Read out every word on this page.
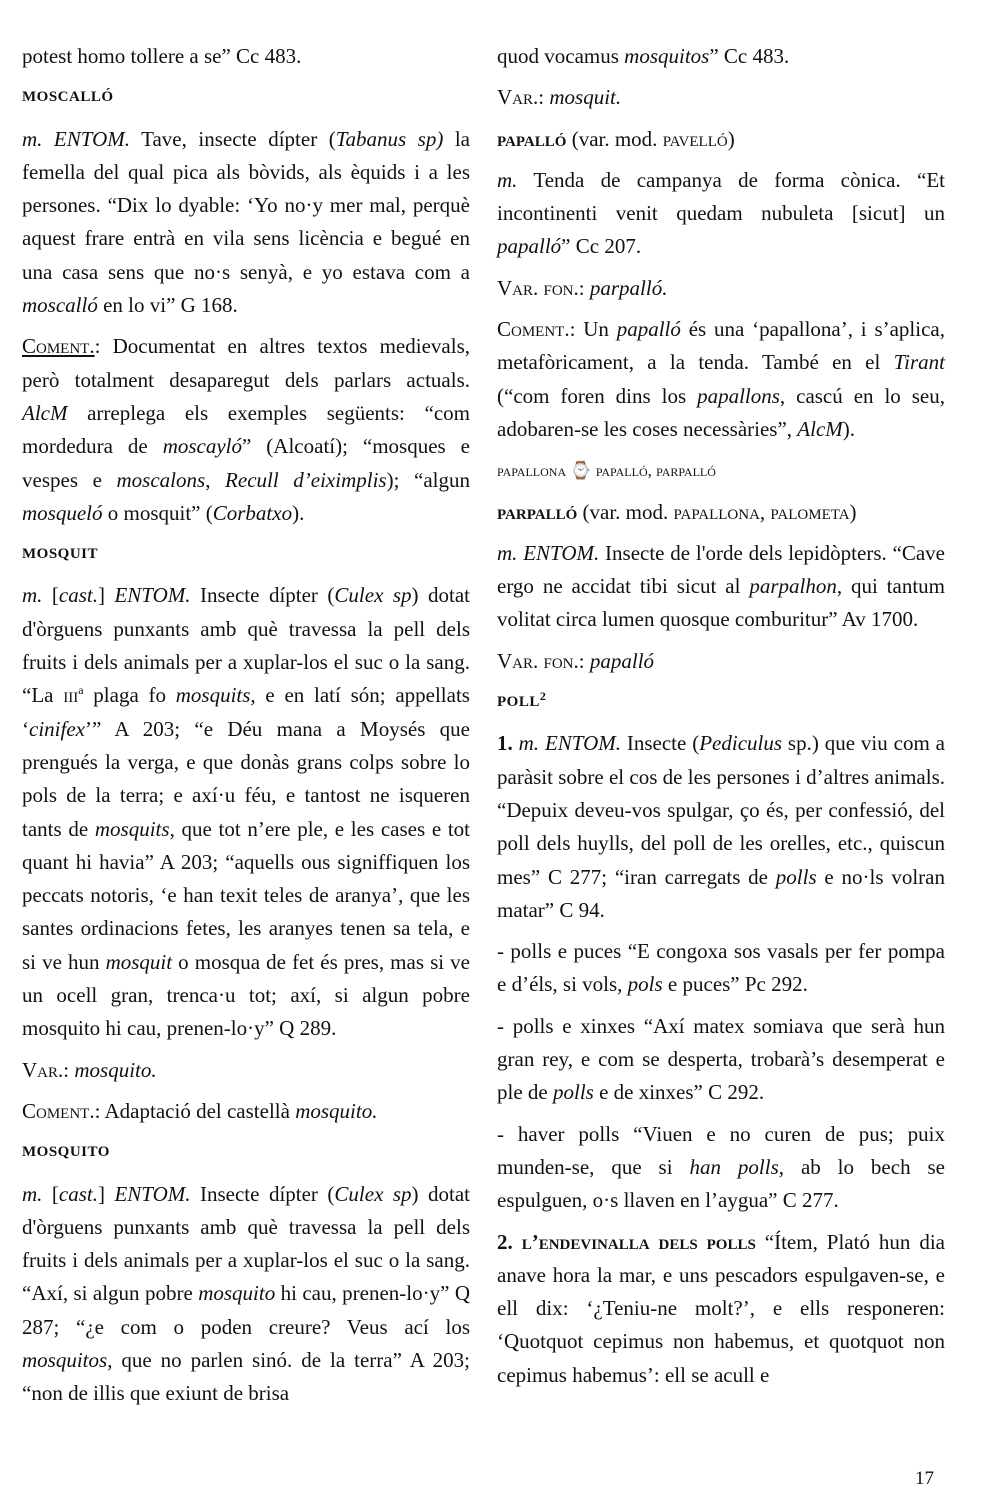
potest homo tollere a se” Cc 483.

MOSCALLÓ

m. ENTOM. Tave, insecte dípter (Tabanus sp) la femella del qual pica als bòvids, als èquids i a les persones. “Dix lo dyable: ‘Yo no·y mer mal, perquè aquest frare entrà en vila sens licència e begué en una casa sens que no·s senyà, e yo estava com a moscalló en lo vi” G 168.

Coment.: Documentat en altres textos medievals, però totalment desaparegut dels parlars actuals. AlcM arreplega els exemples següents: “com mordedura de moscayló” (Alcoatí); “mosques e vespes e moscalons, Recull d’eiximplis); “algun mosqueló o mosquit” (Corbatxo).

MOSQUIT

m. [cast.] ENTOM. Insecte dípter (Culex sp) dotat d'òrguens punxants amb què travessa la pell dels fruits i dels animals per a xuplar-los el suc o la sang. “La iii$^a$ plaga fo mosquits, e en latí són; appellats ‘cinifex’” A 203; “e Déu mana a Moysés que prengués la verga, e que donàs grans colps sobre lo pols de la terra; e axí·u féu, e tantost ne isqueren tants de mosquits, que tot n’ere ple, e les cases e tot quant hi havia” A 203; “aquells ous signiffiquen los peccats notoris, ‘e han texit teles de aranya’, que les santes ordinacions fetes, les aranyes tenen sa tela, e si ve hun mosquit o mosqua de fet és pres, mas si ve un ocell gran, trenca·u tot; axí, si algun pobre mosquito hi cau, prenen-lo·y” Q 289.

Var.: mosquito.

Coment.: Adaptació del castellà mosquito.

MOSQUITO

m. [cast.] ENTOM. Insecte dípter (Culex sp) dotat d'òrguens punxants amb què travessa la pell dels fruits i dels animals per a xuplar-los el suc o la sang. “Axí, si algun pobre mosquito hi cau, prenen-lo·y” Q 287; “¿e com o poden creure? Veus ací los mosquitos, que no parlen sinó. de la terra” A 203; “non de illis que exiunt de brisa

quod vocamus mosquitos” Cc 483.

Var.: mosquit.

papalló (var. mod. pavelló)

m. Tenda de campanya de forma cònica. “Et incontinenti venit quedam nubuleta [sicut] un papalló” Cc 207.

Var. fon.: parpalló.

Coment.: Un papalló és una ‘papallona’, i s’aplica, metafòricament, a la tenda. També en el Tirant (“com foren dins los papallons, cascú en lo seu, adobaren-se les coses necessàries”, AlcM).

papallona ⌚ papalló, parpalló

parpalló (var. mod. papallona, palometa)

m. ENTOM. Insecte de l'orde dels lepidòpters. “Cave ergo ne accidat tibi sicut al parpalhon, qui tantum volitat circa lumen quosque comburitur” Av 1700.

Var. fon.: papalló

POLL$^2$

1. m. ENTOM. Insecte (Pediculus sp.) que viu com a paràsit sobre el cos de les persones i d’altres animals. “Depuix deveu-vos spulgar, ço és, per confessió, del poll dels huylls, del poll de les orelles, etc., quiscun mes” C 277; “iran carregats de polls e no·ls volran matar” C 94.

- polls e puces “E congoxa sos vasals per fer pompa e d’éls, si vols, pols e puces” Pc 292.

- polls e xinxes “Axí matex somiava que serà hun gran rey, e com se desperta, trobarà’s desemperat e ple de polls e de xinxes” C 292.

- haver polls “Viuen e no curen de pus; puix munden-se, que si han polls, ab lo bech se espulguen, o·s llaven en l’aygua” C 277.

2. l’endevinalla dels polls “Ítem, Plató hun dia anave hora la mar, e uns pescadors espulgaven-se, e ell dix: ‘¿Teniu-ne molt?’, e ells responeren: ‘Quotquot cepimus non habemus, et quotquot non cepimus habemus’: ell se acull e

17
